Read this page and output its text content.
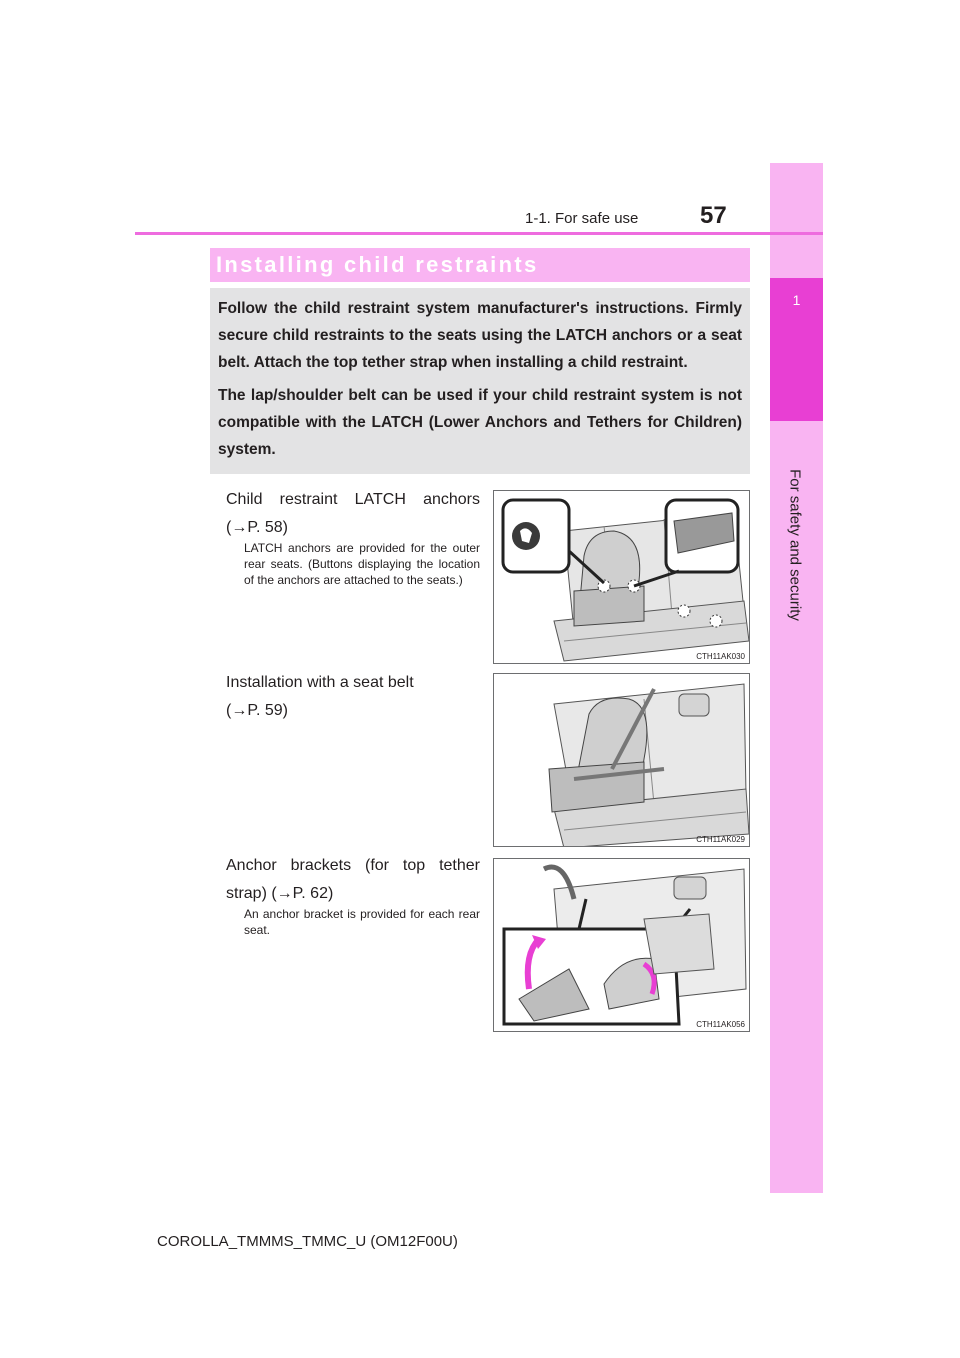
1
For safety and security
1-1. For safe use	57
Installing child restraints

Follow the child restraint system manufacturer's instructions. Firmly secure child restraints to the seats using the LATCH anchors or a seat belt. Attach the top tether strap when installing a child restraint.

The lap/shoulder belt can be used if your child restraint system is not compatible with the LATCH (Lower Anchors and Tethers for Children) system.

Child restraint LATCH anchors
(→P. 58)
LATCH anchors are provided for the outer rear seats. (Buttons displaying the location of the anchors are attached to the seats.)
CTH11AK030
Installation with a seat belt
(→P. 59)
CTH11AK029
Anchor brackets (for top tether
strap) (→P. 62)
An anchor bracket is provided for each rear seat.
CTH11AK056
COROLLA_TMMMS_TMMC_U (OM12F00U)
